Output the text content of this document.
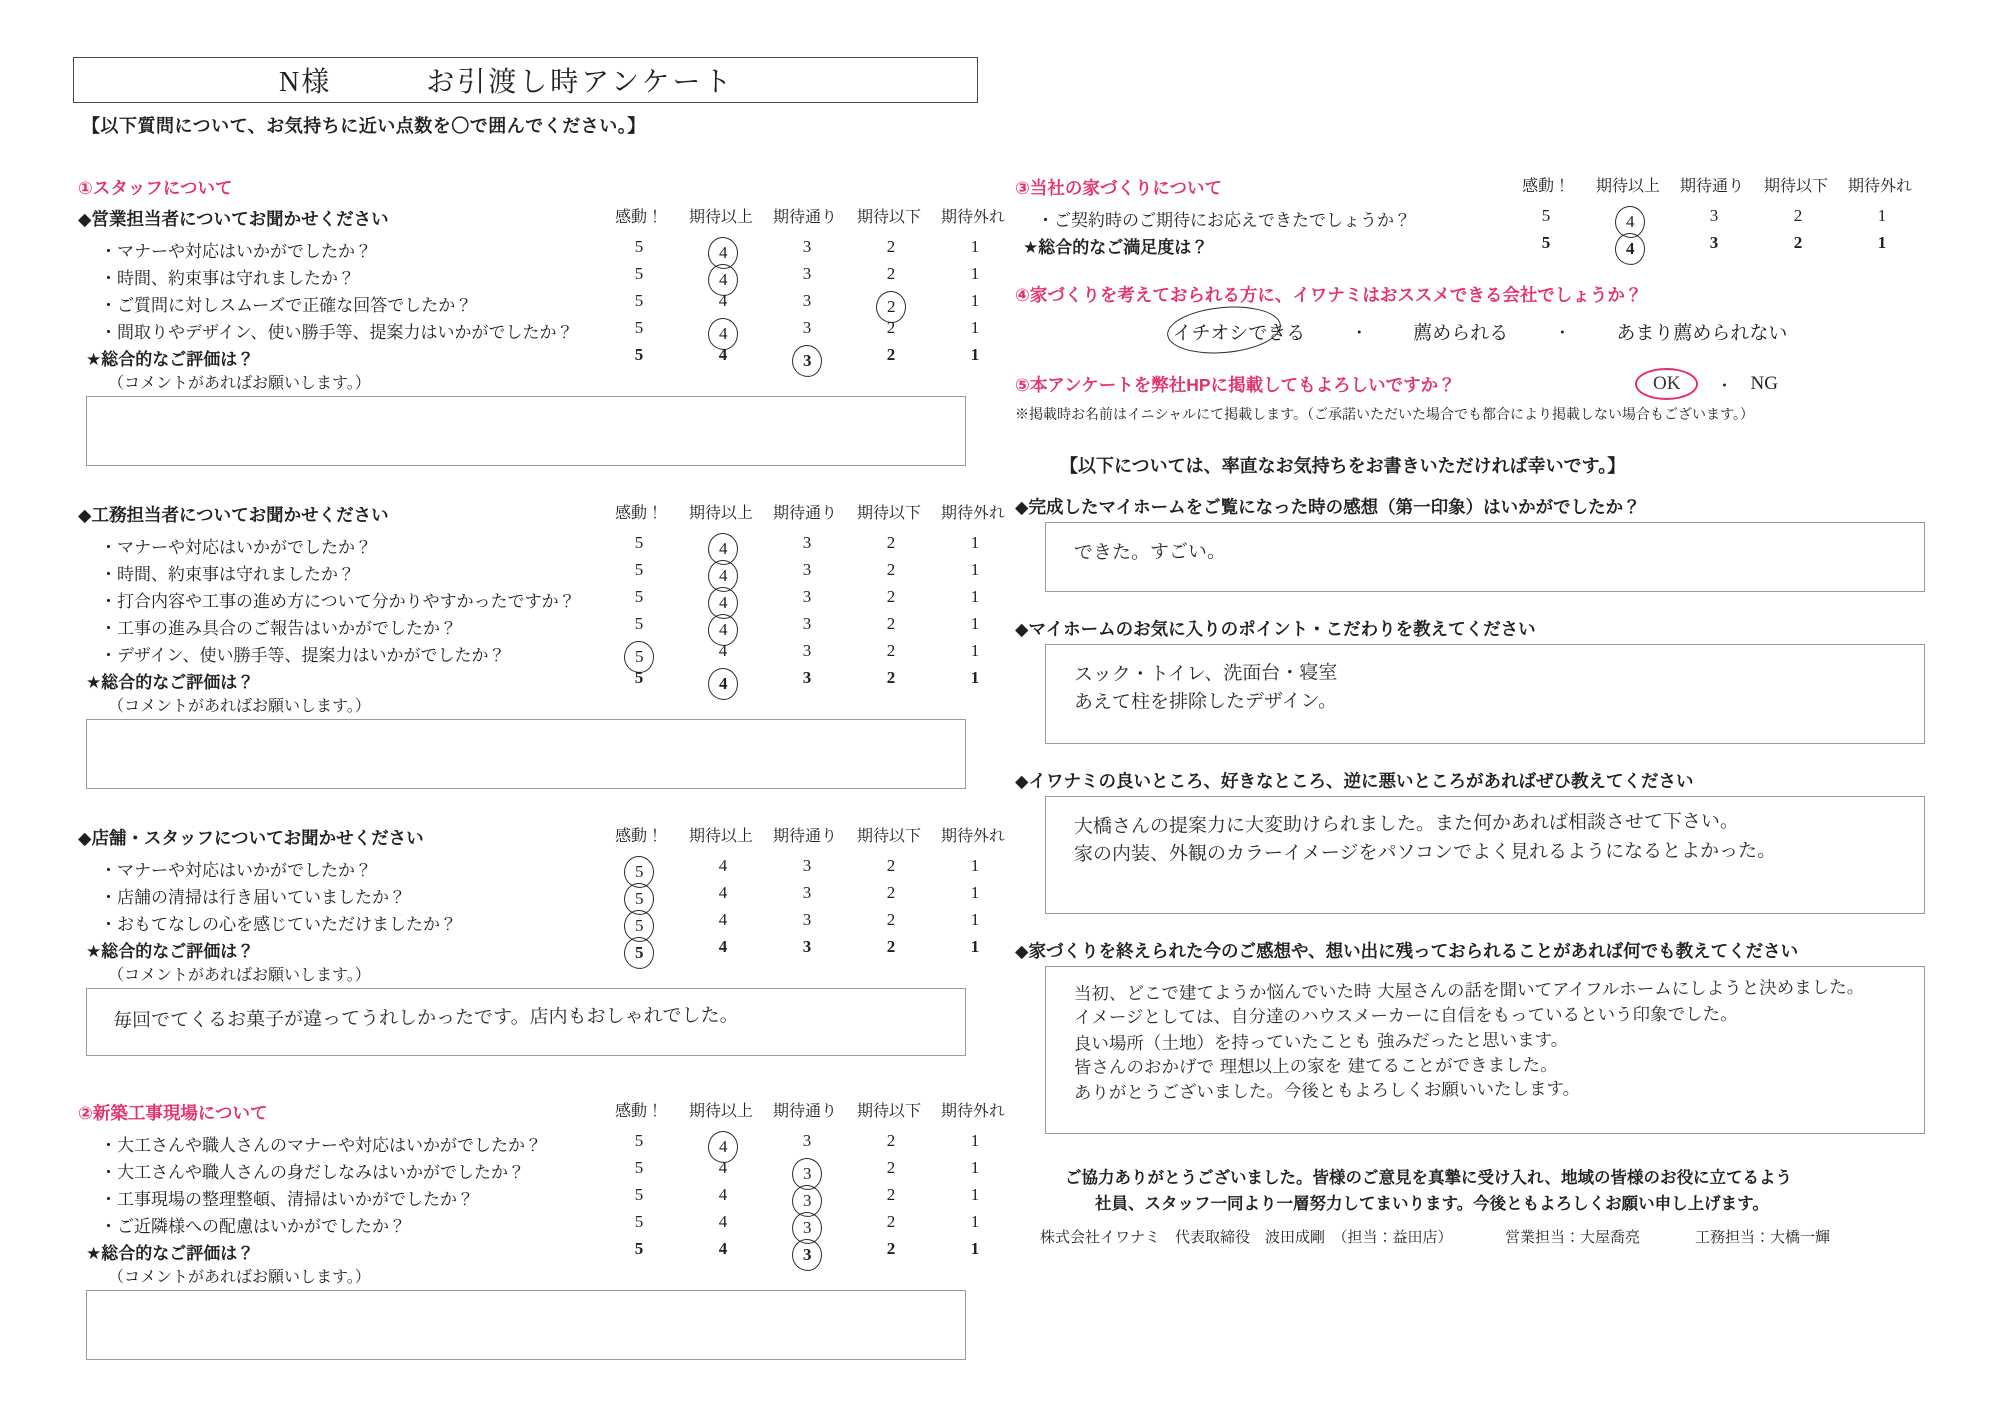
N様	お引渡し時アンケート
【以下質問について、お気持ちに近い点数を〇で囲んでください。】
①スタッフについて
◆営業担当者についてお聞かせください	感動！	期待以上	期待通り	期待以下	期待外れ
・マナーや対応はいかがでしたか？	5	4	3	2	1
・時間、約束事は守れましたか？	5	4	3	2	1
・ご質問に対しスムーズで正確な回答でしたか？	5	4	3	2	1
・間取りやデザイン、使い勝手等、提案力はいかがでしたか？	5	4	3	2	1
★総合的なご評価は？	5	4	3	2	1
（コメントがあればお願いします。）
◆工務担当者についてお聞かせください	感動！	期待以上	期待通り	期待以下	期待外れ
・マナーや対応はいかがでしたか？	5	4	3	2	1
・時間、約束事は守れましたか？	5	4	3	2	1
・打合内容や工事の進め方について分かりやすかったですか？	5	4	3	2	1
・工事の進み具合のご報告はいかがでしたか？	5	4	3	2	1
・デザイン、使い勝手等、提案力はいかがでしたか？	5	4	3	2	1
★総合的なご評価は？	5	4	3	2	1
（コメントがあればお願いします。）
◆店舗・スタッフについてお聞かせください	感動！	期待以上	期待通り	期待以下	期待外れ
・マナーや対応はいかがでしたか？	5	4	3	2	1
・店舗の清掃は行き届いていましたか？	5	4	3	2	1
・おもてなしの心を感じていただけましたか？	5	4	3	2	1
★総合的なご評価は？	5	4	3	2	1
（コメントがあればお願いします。）
毎回でてくるお菓子が違ってうれしかったです。店内もおしゃれでした。
②新築工事現場について	感動！	期待以上	期待通り	期待以下	期待外れ
・大工さんや職人さんのマナーや対応はいかがでしたか？	5	4	3	2	1
・大工さんや職人さんの身だしなみはいかがでしたか？	5	4	3	2	1
・工事現場の整理整頓、清掃はいかがでしたか？	5	4	3	2	1
・ご近隣様への配慮はいかがでしたか？	5	4	3	2	1
★総合的なご評価は？	5	4	3	2	1
（コメントがあればお願いします。）
③当社の家づくりについて	感動！	期待以上	期待通り	期待以下	期待外れ
・ご契約時のご期待にお応えできたでしょうか？	5	4	3	2	1
★総合的なご満足度は？	5	4	3	2	1
④家づくりを考えておられる方に、イワナミはおススメできる会社でしょうか？
イチオシできる	・ 薦められる	・ あまり薦められない
⑤本アンケートを弊社HPに掲載してもよろしいですか？	OK	・ NG
※掲載時お名前はイニシャルにて掲載します。（ご承諾いただいた場合でも都合により掲載しない場合もございます。）
【以下については、率直なお気持ちをお書きいただければ幸いです。】
◆完成したマイホームをご覧になった時の感想（第一印象）はいかがでしたか？
できた。すごい。
◆マイホームのお気に入りのポイント・こだわりを教えてください
スック・トイレ、洗面台・寝室
あえて柱を排除したデザイン。
◆イワナミの良いところ、好きなところ、逆に悪いところがあればぜひ教えてください
大橋さんの提案力に大変助けられました。また何かあれば相談させて下さい。
家の内装、外観のカラーイメージをパソコンでよく見れるようになるとよかった。
◆家づくりを終えられた今のご感想や、想い出に残っておられることがあれば何でも教えてください
当初、どこで建てようか悩んでいた時 大屋さんの話を聞いてアイフルホームにしようと決めました。
イメージとしては、自分達のハウスメーカーに自信をもっているという印象でした。
良い場所（土地）を持っていたことも 強みだったと思います。
皆さんのおかげで 理想以上の家を 建てることができました。
ありがとうございました。今後ともよろしくお願いいたします。
ご協力ありがとうございました。皆様のご意見を真摯に受け入れ、地域の皆様のお役に立てるよう
社員、スタッフ一同より一層努力してまいります。今後ともよろしくお願い申し上げます。
株式会社イワナミ　代表取締役　波田成剛　（担当：益田店）	営業担当：大屋喬亮	工務担当：大橋一輝
